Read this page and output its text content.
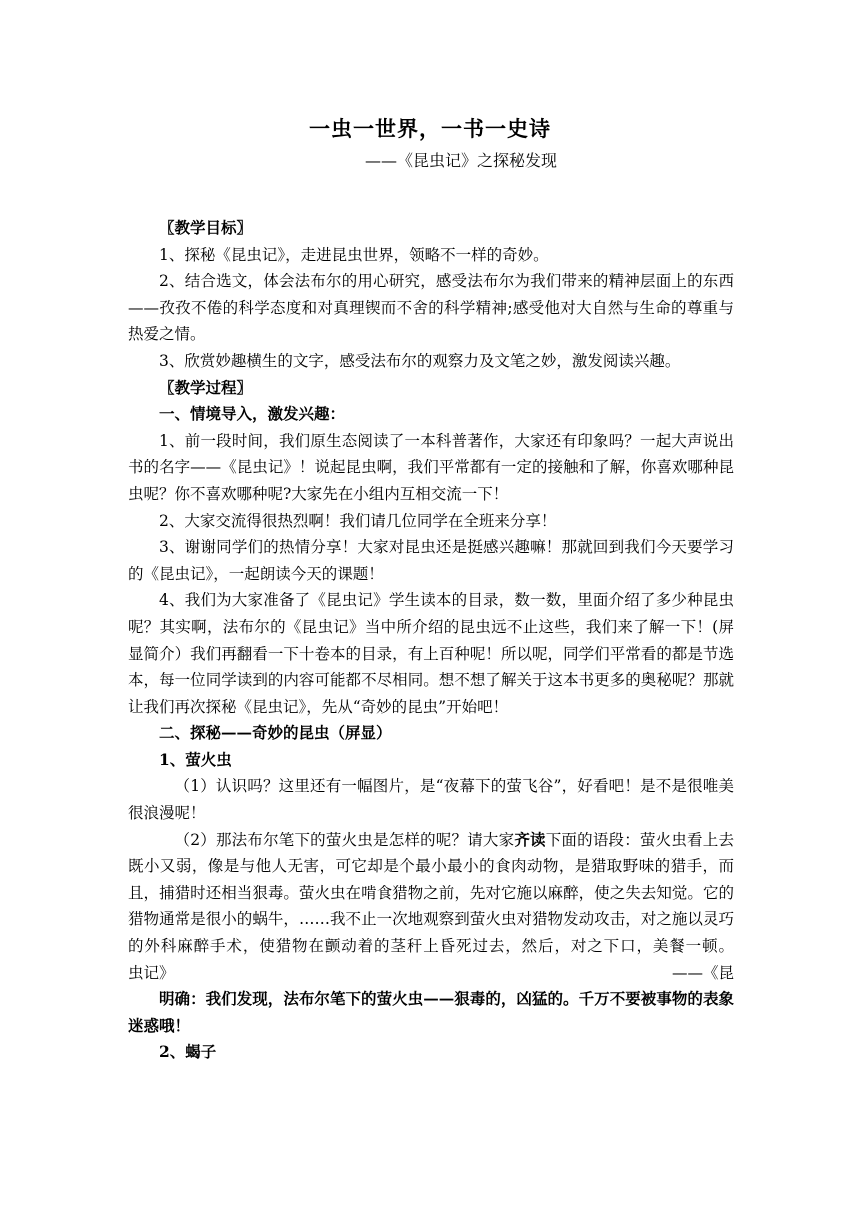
一虫一世界，一书一史诗

——《昆虫记》之探秘发现

〖教学目标〗

1、探秘《昆虫记》，走进昆虫世界，领略不一样的奇妙。

2、结合选文，体会法布尔的用心研究，感受法布尔为我们带来的精神层面上的东西——孜孜不倦的科学态度和对真理锲而不舍的科学精神;感受他对大自然与生命的尊重与热爱之情。

3、欣赏妙趣横生的文字，感受法布尔的观察力及文笔之妙，激发阅读兴趣。

〖教学过程〗

一、情境导入，激发兴趣：

1、前一段时间，我们原生态阅读了一本科普著作，大家还有印象吗？一起大声说出书的名字——《昆虫记》！说起昆虫啊，我们平常都有一定的接触和了解，你喜欢哪种昆虫呢？你不喜欢哪种呢?大家先在小组内互相交流一下！

2、大家交流得很热烈啊！我们请几位同学在全班来分享！

3、谢谢同学们的热情分享！大家对昆虫还是挺感兴趣嘛！那就回到我们今天要学习的《昆虫记》，一起朗读今天的课题！

4、我们为大家准备了《昆虫记》学生读本的目录，数一数，里面介绍了多少种昆虫呢？其实啊，法布尔的《昆虫记》当中所介绍的昆虫远不止这些，我们来了解一下！(屏显简介）我们再翻看一下十卷本的目录，有上百种呢！所以呢，同学们平常看的都是节选本，每一位同学读到的内容可能都不尽相同。想不想了解关于这本书更多的奥秘呢？那就让我们再次探秘《昆虫记》，先从“奇妙的昆虫”开始吧！

二、探秘——奇妙的昆虫（屏显）

1、萤火虫

（1）认识吗？这里还有一幅图片，是“夜幕下的萤飞谷”，好看吧！是不是很唯美很浪漫呢！

（2）那法布尔笔下的萤火虫是怎样的呢？请大家齐读下面的语段：萤火虫看上去既小又弱，像是与他人无害，可它却是个最小最小的食肉动物，是猎取野味的猎手，而且，捕猎时还相当狠毒。萤火虫在啃食猎物之前，先对它施以麻醉，使之失去知觉。它的猎物通常是很小的蜗牛，……我不止一次地观察到萤火虫对猎物发动攻击，对之施以灵巧的外科麻醉手术，使猎物在颤动着的茎秆上昏死过去，然后，对之下口，美餐一顿。
——《昆

虫记》

明确：我们发现，法布尔笔下的萤火虫——狠毒的，凶猛的。千万不要被事物的表象迷惑哦！

2、蝎子
